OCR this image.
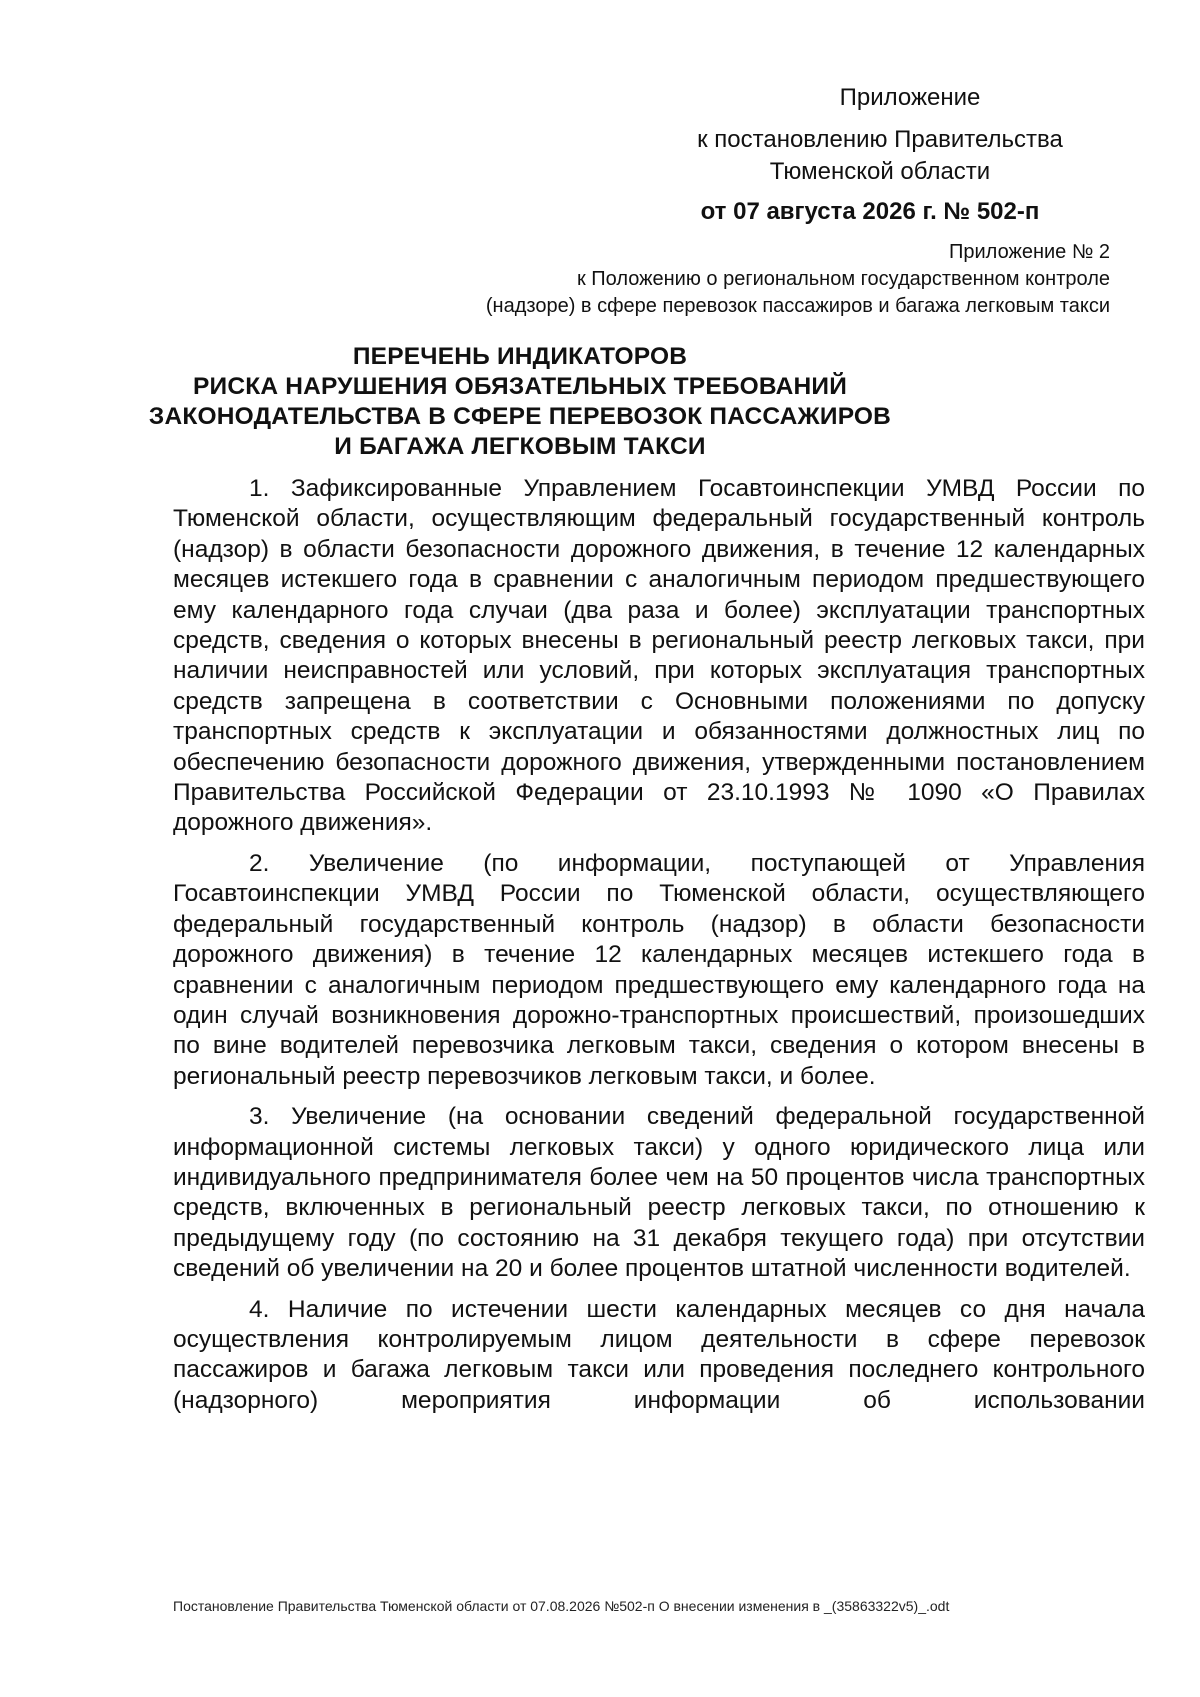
Приложение
к постановлению Правительства
Тюменской области
от 07 августа 2026 г. № 502-п
Приложение № 2
к Положению о региональном государственном контроле
(надзоре) в сфере перевозок пассажиров и багажа легковым такси
ПЕРЕЧЕНЬ ИНДИКАТОРОВ
РИСКА НАРУШЕНИЯ ОБЯЗАТЕЛЬНЫХ ТРЕБОВАНИЙ
ЗАКОНОДАТЕЛЬСТВА В СФЕРЕ ПЕРЕВОЗОК ПАССАЖИРОВ
И БАГАЖА ЛЕГКОВЫМ ТАКСИ

1. Зафиксированные Управлением Госавтоинспекции УМВД России по Тюменской области, осуществляющим федеральный государственный контроль (надзор) в области безопасности дорожного движения, в течение 12 календарных месяцев истекшего года в сравнении с аналогичным периодом предшествующего ему календарного года случаи (два раза и более) эксплуатации транспортных средств, сведения о которых внесены в региональный реестр легковых такси, при наличии неисправностей или условий, при которых эксплуатация транспортных средств запрещена в соответствии с Основными положениями по допуску транспортных средств к эксплуатации и обязанностями должностных лиц по обеспечению безопасности дорожного движения, утвержденными постановлением Правительства Российской Федерации от 23.10.1993 № 1090 «О Правилах дорожного движения».

2. Увеличение (по информации, поступающей от Управления Госавтоинспекции УМВД России по Тюменской области, осуществляющего федеральный государственный контроль (надзор) в области безопасности дорожного движения) в течение 12 календарных месяцев истекшего года в сравнении с аналогичным периодом предшествующего ему календарного года на один случай возникновения дорожно-транспортных происшествий, произошедших по вине водителей перевозчика легковым такси, сведения о котором внесены в региональный реестр перевозчиков легковым такси, и более.

3. Увеличение (на основании сведений федеральной государственной информационной системы легковых такси) у одного юридического лица или индивидуального предпринимателя более чем на 50 процентов числа транспортных средств, включенных в региональный реестр легковых такси, по отношению к предыдущему году (по состоянию на 31 декабря текущего года) при отсутствии сведений об увеличении на 20 и более процентов штатной численности водителей.

4. Наличие по истечении шести календарных месяцев со дня начала осуществления контролируемым лицом деятельности в сфере перевозок пассажиров и багажа легковым такси или проведения последнего контрольного (надзорного) мероприятия информации об использовании

Постановление Правительства Тюменской области от 07.08.2026 №502-п О внесении изменения в _(35863322v5)_.odt
